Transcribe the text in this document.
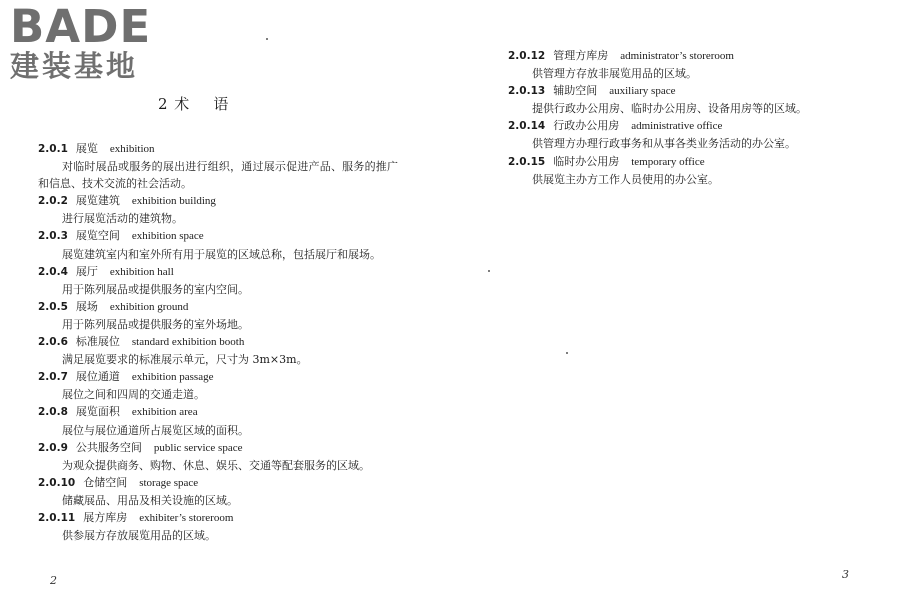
BADE
建装基地
2 术    语
2.0.1 展览 exhibition
对临时展品或服务的展出进行组织，通过展示促进产品、服务的推广和信息、技术交流的社会活动。
2.0.2 展览建筑 exhibition building
进行展览活动的建筑物。
2.0.3 展览空间 exhibition space
展览建筑室内和室外所有用于展览的区域总称，包括展厅和展场。
2.0.4 展厅 exhibition hall
用于陈列展品或提供服务的室内空间。
2.0.5 展场 exhibition ground
用于陈列展品或提供服务的室外场地。
2.0.6 标准展位 standard exhibition booth
满足展览要求的标准展示单元，尺寸为 3m×3m。
2.0.7 展位通道 exhibition passage
展位之间和四周的交通走道。
2.0.8 展览面积 exhibition area
展位与展位通道所占展览区域的面积。
2.0.9 公共服务空间 public service space
为观众提供商务、购物、休息、娱乐、交通等配套服务的区域。
2.0.10 仓储空间 storage space
储藏展品、用品及相关设施的区域。
2.0.11 展方库房 exhibiter’s storeroom
供参展方存放展览用品的区域。
2.0.12 管理方库房 administrator’s storeroom
供管理方存放非展览用品的区域。
2.0.13 辅助空间 auxiliary space
提供行政办公用房、临时办公用房、设备用房等的区域。
2.0.14 行政办公用房 administrative office
供管理方办理行政事务和从事各类业务活动的办公室。
2.0.15 临时办公用房 temporary office
供展览主办方工作人员使用的办公室。
2	3
